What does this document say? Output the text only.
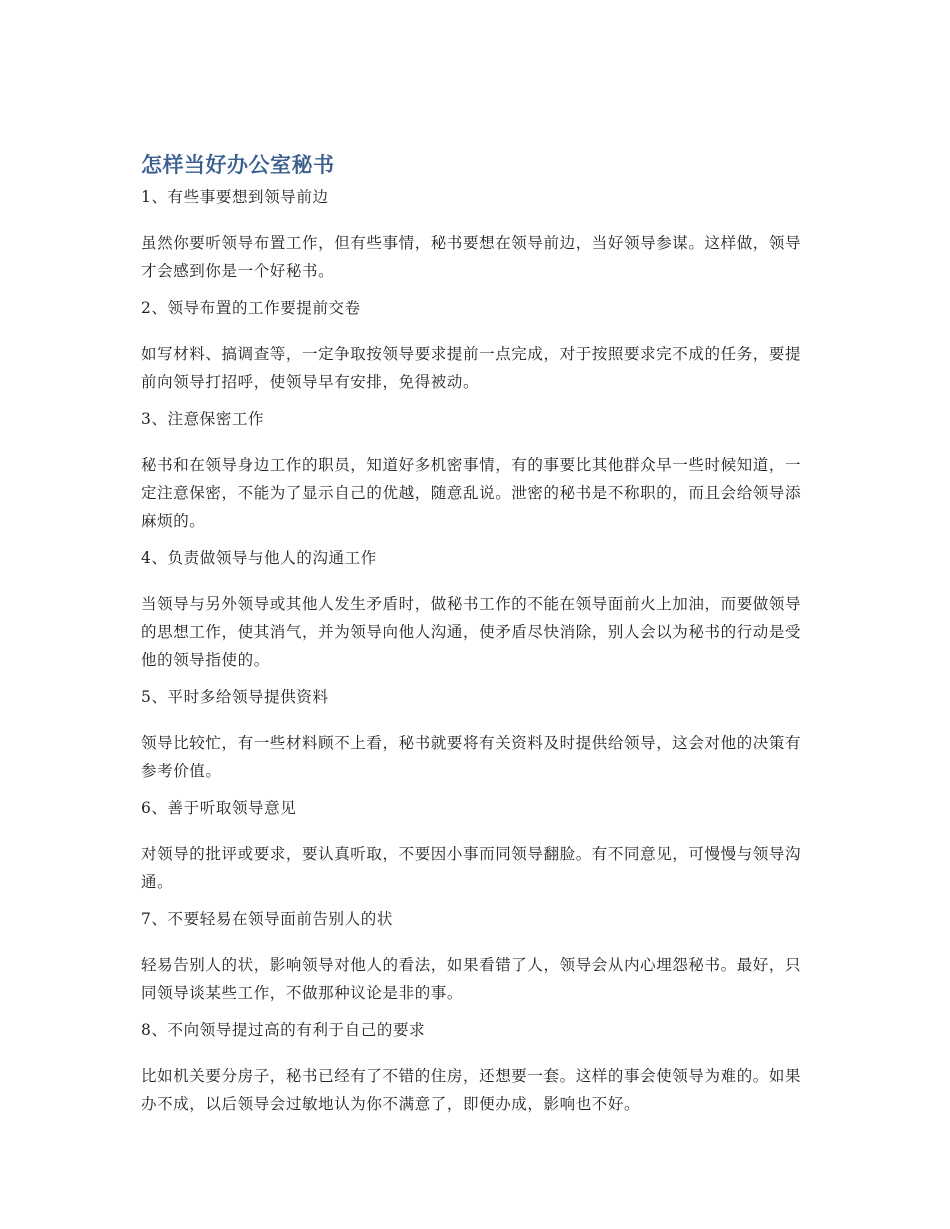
怎样当好办公室秘书

1、有些事要想到领导前边

虽然你要听领导布置工作，但有些事情，秘书要想在领导前边，当好领导参谋。这样做，领导才会感到你是一个好秘书。

2、领导布置的工作要提前交卷

如写材料、搞调查等，一定争取按领导要求提前一点完成，对于按照要求完不成的任务，要提前向领导打招呼，使领导早有安排，免得被动。

3、注意保密工作

秘书和在领导身边工作的职员，知道好多机密事情，有的事要比其他群众早一些时候知道，一定注意保密，不能为了显示自己的优越，随意乱说。泄密的秘书是不称职的，而且会给领导添麻烦的。

4、负责做领导与他人的沟通工作

当领导与另外领导或其他人发生矛盾时，做秘书工作的不能在领导面前火上加油，而要做领导的思想工作，使其消气，并为领导向他人沟通，使矛盾尽快消除，别人会以为秘书的行动是受他的领导指使的。

5、平时多给领导提供资料

领导比较忙，有一些材料顾不上看，秘书就要将有关资料及时提供给领导，这会对他的决策有参考价值。

6、善于听取领导意见

对领导的批评或要求，要认真听取，不要因小事而同领导翻脸。有不同意见，可慢慢与领导沟通。

7、不要轻易在领导面前告别人的状

轻易告别人的状，影响领导对他人的看法，如果看错了人，领导会从内心埋怨秘书。最好，只同领导谈某些工作，不做那种议论是非的事。

8、不向领导提过高的有利于自己的要求

比如机关要分房子，秘书已经有了不错的住房，还想要一套。这样的事会使领导为难的。如果办不成，以后领导会过敏地认为你不满意了，即便办成，影响也不好。
